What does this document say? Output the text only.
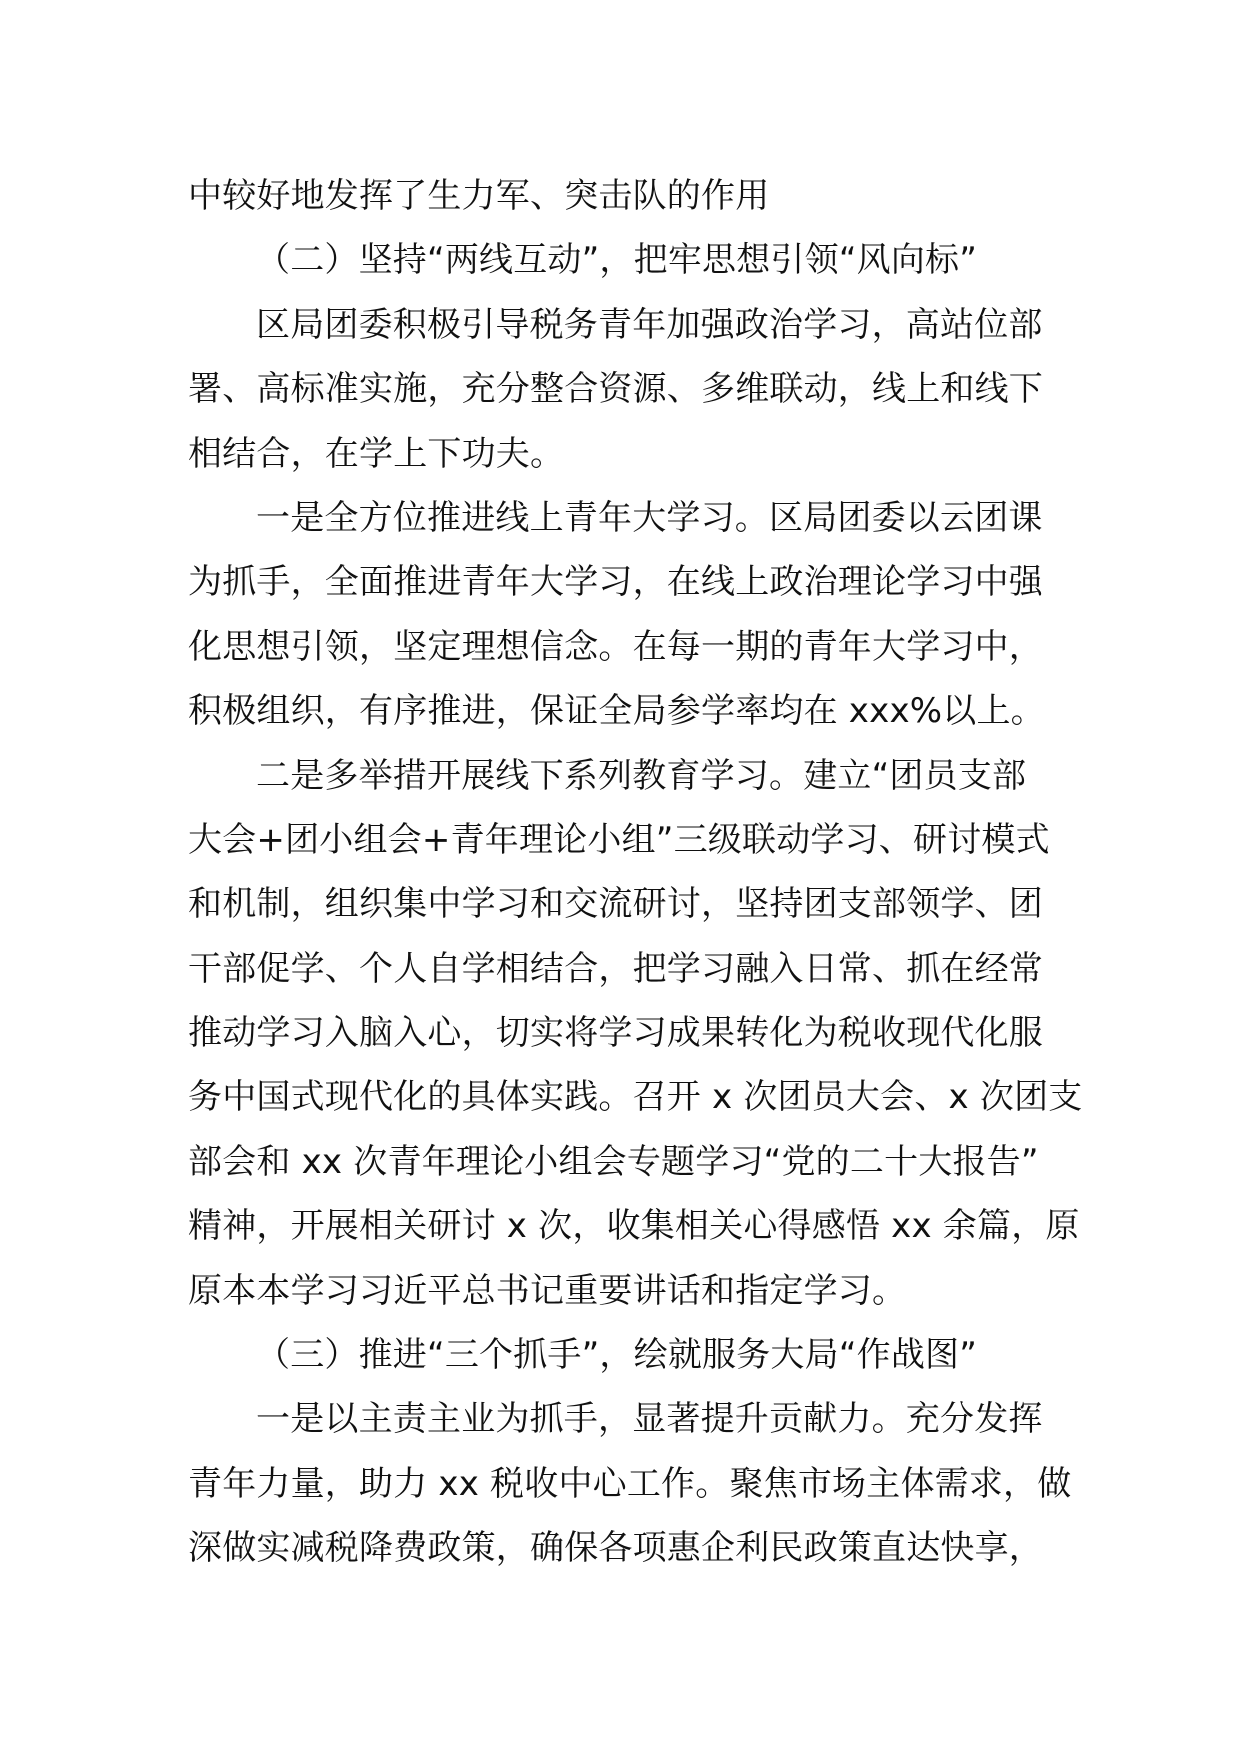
中较好地发挥了生力军、突击队的作用
（二）坚持“两线互动”，把牢思想引领“风向标”
区局团委积极引导税务青年加强政治学习，高站位部
署、高标准实施，充分整合资源、多维联动，线上和线下
相结合，在学上下功夫。
一是全方位推进线上青年大学习。区局团委以云团课
为抓手，全面推进青年大学习，在线上政治理论学习中强
化思想引领，坚定理想信念。在每一期的青年大学习中，
积极组织，有序推进，保证全局参学率均在 xxx%以上。
二是多举措开展线下系列教育学习。建立“团员支部
大会+团小组会+青年理论小组”三级联动学习、研讨模式
和机制，组织集中学习和交流研讨，坚持团支部领学、团
干部促学、个人自学相结合，把学习融入日常、抓在经常
推动学习入脑入心，切实将学习成果转化为税收现代化服
务中国式现代化的具体实践。召开 x 次团员大会、x 次团支
部会和 xx 次青年理论小组会专题学习“党的二十大报告”
精神，开展相关研讨 x 次，收集相关心得感悟 xx 余篇，原
原本本学习习近平总书记重要讲话和指定学习。
（三）推进“三个抓手”，绘就服务大局“作战图”
一是以主责主业为抓手，显著提升贡献力。充分发挥
青年力量，助力 xx 税收中心工作。聚焦市场主体需求，做
深做实减税降费政策，确保各项惠企利民政策直达快享，
